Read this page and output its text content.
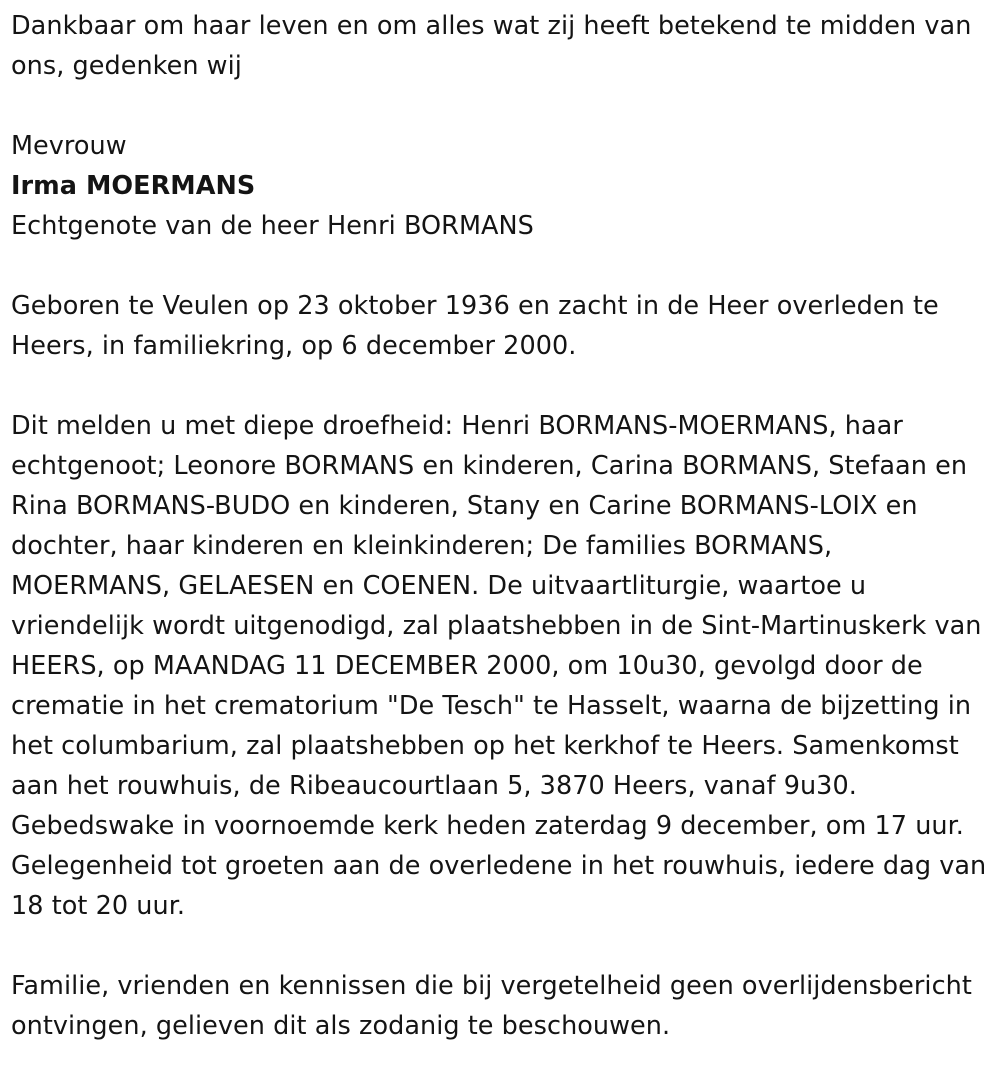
Dankbaar om haar leven en om alles wat zij heeft betekend te midden van ons, gedenken wij

Mevrouw

Irma MOERMANS

Echtgenote van de heer Henri BORMANS

Geboren te Veulen op 23 oktober 1936 en zacht in de Heer overleden te Heers, in familiekring, op 6 december 2000.

Dit melden u met diepe droefheid: Henri BORMANS-MOERMANS, haar echtgenoot; Leonore BORMANS en kinderen, Carina BORMANS, Stefaan en Rina BORMANS-BUDO en kinderen, Stany en Carine BORMANS-LOIX en dochter, haar kinderen en kleinkinderen; De families BORMANS, MOERMANS, GELAESEN en COENEN. De uitvaartliturgie, waartoe u vriendelijk wordt uitgenodigd, zal plaatshebben in de Sint-Martinuskerk van HEERS, op MAANDAG 11 DECEMBER 2000, om 10u30, gevolgd door de crematie in het crematorium "De Tesch" te Hasselt, waarna de bijzetting in het columbarium, zal plaatshebben op het kerkhof te Heers. Samenkomst aan het rouwhuis, de Ribeaucourtlaan 5, 3870 Heers, vanaf 9u30. Gebedswake in voornoemde kerk heden zaterdag 9 december, om 17 uur. Gelegenheid tot groeten aan de overledene in het rouwhuis, iedere dag van 18 tot 20 uur.

Familie, vrienden en kennissen die bij vergetelheid geen overlijdensbericht ontvingen, gelieven dit als zodanig te beschouwen.
